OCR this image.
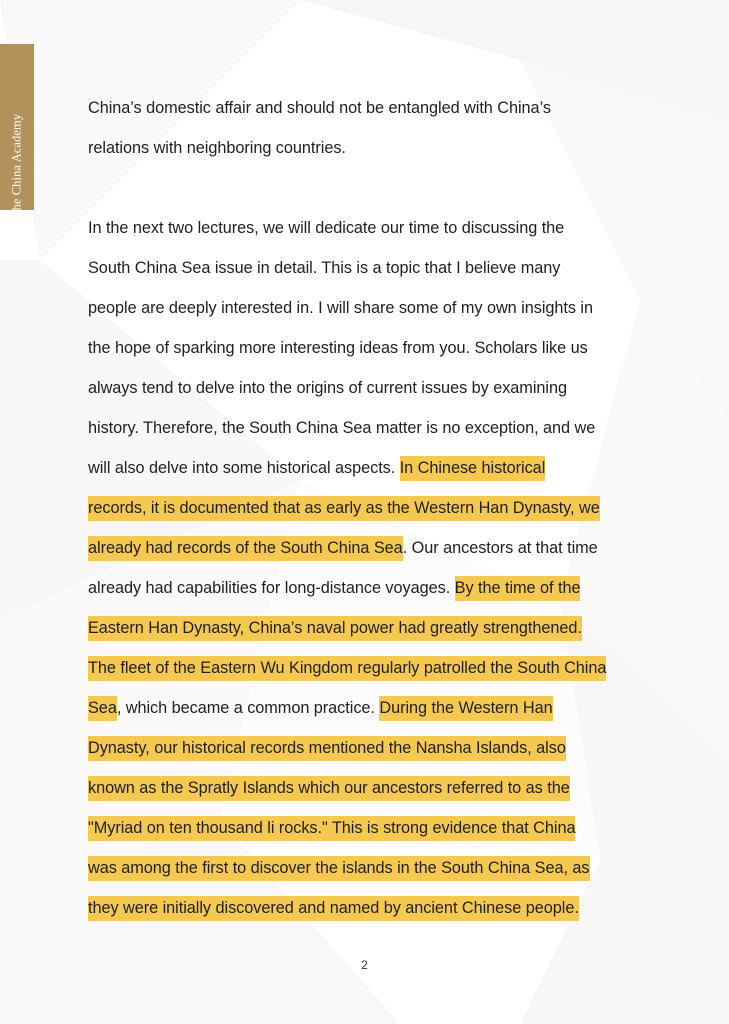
The China Academy

China’s domestic affair and should not be entangled with China’s
relations with neighboring countries.

In the next two lectures, we will dedicate our time to discussing the
South China Sea issue in detail. This is a topic that I believe many
people are deeply interested in. I will share some of my own insights in
the hope of sparking more interesting ideas from you. Scholars like us
always tend to delve into the origins of current issues by examining
history. Therefore, the South China Sea matter is no exception, and we
will also delve into some historical aspects. In Chinese historical
records, it is documented that as early as the Western Han Dynasty, we
already had records of the South China Sea. Our ancestors at that time
already had capabilities for long-distance voyages. By the time of the
Eastern Han Dynasty, China’s naval power had greatly strengthened.
The fleet of the Eastern Wu Kingdom regularly patrolled the South China
Sea, which became a common practice. During the Western Han
Dynasty, our historical records mentioned the Nansha Islands, also
known as the Spratly Islands which our ancestors referred to as the
"Myriad on ten thousand li rocks." This is strong evidence that China
was among the first to discover the islands in the South China Sea, as
they were initially discovered and named by ancient Chinese people.

2
